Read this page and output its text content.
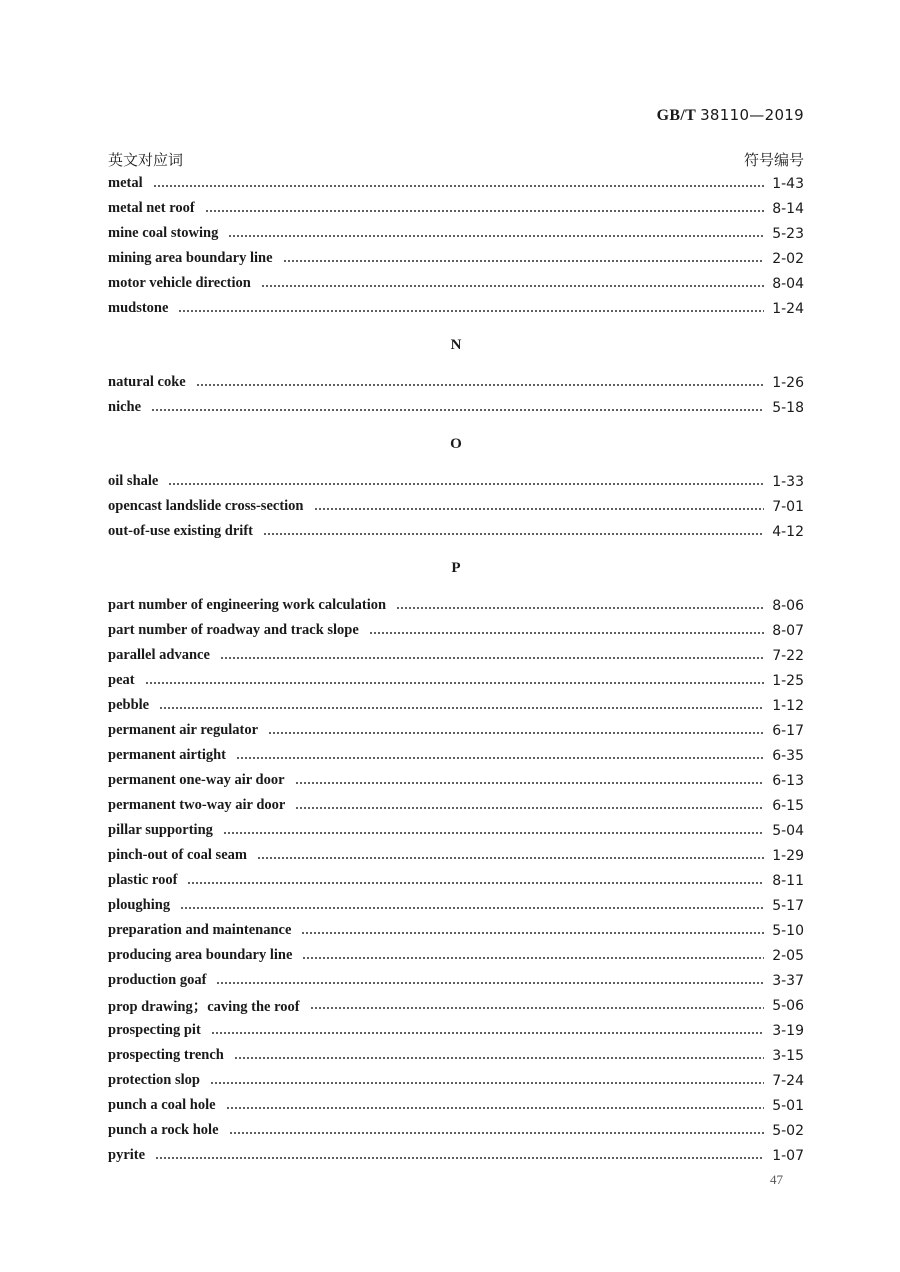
GB/T 38110—2019
英文对应词	符号编号
metal	1-43
metal net roof	8-14
mine coal stowing	5-23
mining area boundary line	2-02
motor vehicle direction	8-04
mudstone	1-24
N
natural coke	1-26
niche	5-18
O
oil shale	1-33
opencast landslide cross-section	7-01
out-of-use existing drift	4-12
P
part number of engineering work calculation	8-06
part number of roadway and track slope	8-07
parallel advance	7-22
peat	1-25
pebble	1-12
permanent air regulator	6-17
permanent airtight	6-35
permanent one-way air door	6-13
permanent two-way air door	6-15
pillar supporting	5-04
pinch-out of coal seam	1-29
plastic roof	8-11
ploughing	5-17
preparation and maintenance	5-10
producing area boundary line	2-05
production goaf	3-37
prop drawing；caving the roof	5-06
prospecting pit	3-19
prospecting trench	3-15
protection slop	7-24
punch a coal hole	5-01
punch a rock hole	5-02
pyrite	1-07
47
